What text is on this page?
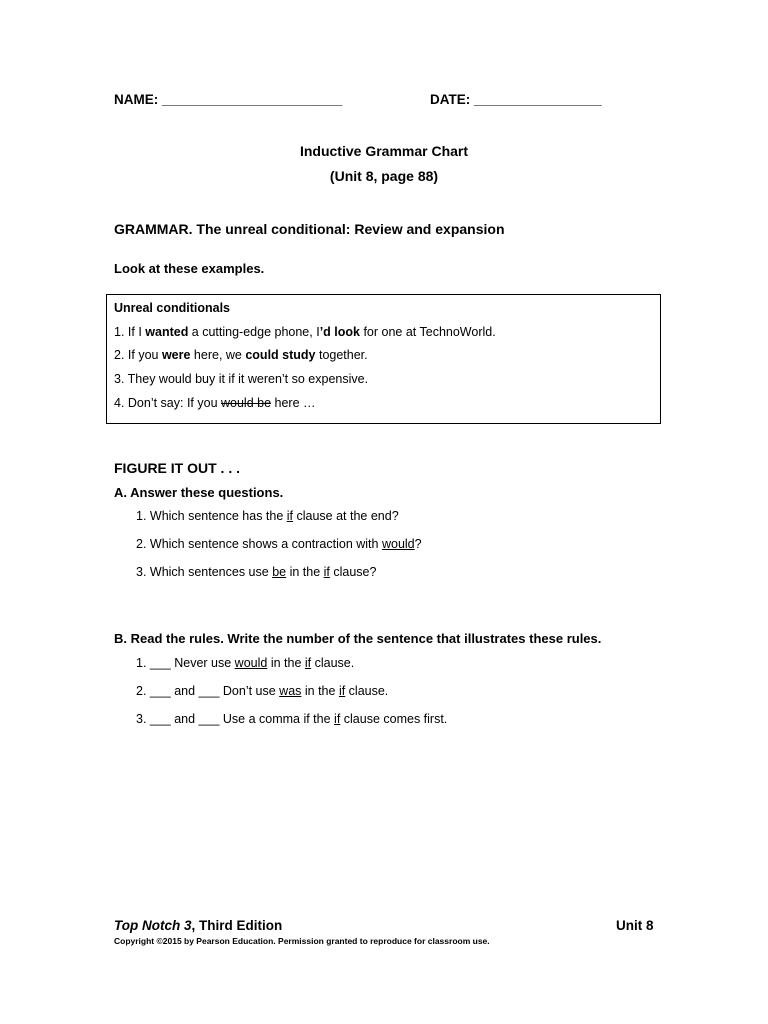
NAME: ________________________	DATE: _________________
Inductive Grammar Chart
(Unit 8, page 88)
GRAMMAR. The unreal conditional: Review and expansion
Look at these examples.
Unreal conditionals
1. If I wanted a cutting-edge phone, I’d look for one at TechnoWorld.
2. If you were here, we could study together.
3. They would buy it if it weren’t so expensive.
4. Don’t say: If you would be here …
FIGURE IT OUT . . .
A. Answer these questions.
1. Which sentence has the if clause at the end?
2. Which sentence shows a contraction with would?
3. Which sentences use be in the if clause?
B. Read the rules. Write the number of the sentence that illustrates these rules.
1. ___ Never use would in the if clause.
2. ___ and ___ Don’t use was in the if clause.
3. ___ and ___ Use a comma if the if clause comes first.
Top Notch 3, Third Edition	Unit 8
Copyright ©2015 by Pearson Education. Permission granted to reproduce for classroom use.
